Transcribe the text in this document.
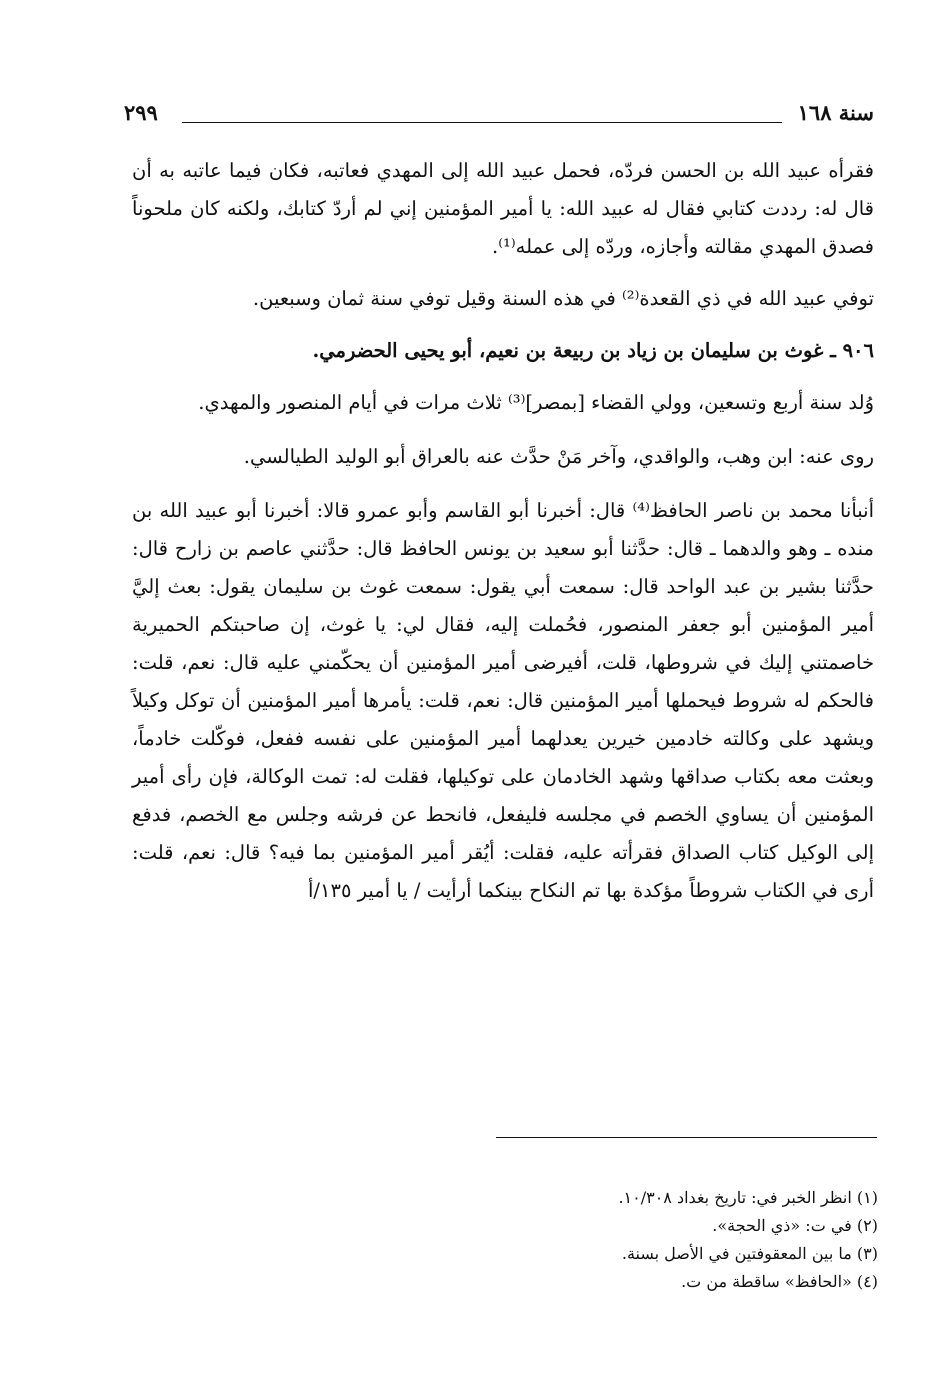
سنة ١٦٨
٢٩٩

فقرأه عبيد الله بن الحسن فردّه، فحمل عبيد الله إلى المهدي فعاتبه، فكان فيما عاتبه به أن قال له: رددت كتابي فقال له عبيد الله: يا أمير المؤمنين إني لم أردّ كتابك، ولكنه كان ملحوناً فصدق المهدي مقالته وأجازه، وردّه إلى عمله⁽¹⁾.

توفي عبيد الله في ذي القعدة⁽²⁾ في هذه السنة وقيل توفي سنة ثمان وسبعين.

٩٠٦ ـ غوث بن سليمان بن زياد بن ربيعة بن نعيم، أبو يحيى الحضرمي.

وُلد سنة أربع وتسعين، وولي القضاء [بمصر]⁽³⁾ ثلاث مرات في أيام المنصور والمهدي.

روى عنه: ابن وهب، والواقدي، وآخر مَنْ حدَّث عنه بالعراق أبو الوليد الطيالسي.

أنبأنا محمد بن ناصر الحافظ⁽⁴⁾ قال: أخبرنا أبو القاسم وأبو عمرو قالا: أخبرنا أبو عبيد الله بن منده ـ وهو والدهما ـ قال: حدَّثنا أبو سعيد بن يونس الحافظ قال: حدَّثني عاصم بن زارح قال: حدَّثنا بشير بن عبد الواحد قال: سمعت أبي يقول: سمعت غوث بن سليمان يقول: بعث إليَّ أمير المؤمنين أبو جعفر المنصور، فحُملت إليه، فقال لي: يا غوث، إن صاحبتكم الحميرية خاصمتني إليك في شروطها، قلت، أفيرضى أمير المؤمنين أن يحكّمني عليه قال: نعم، قلت: فالحكم له شروط فيحملها أمير المؤمنين قال: نعم، قلت: يأمرها أمير المؤمنين أن توكل وكيلاً ويشهد على وكالته خادمين خيرين يعدلهما أمير المؤمنين على نفسه ففعل، فوكّلت خادماً، وبعثت معه بكتاب صداقها وشهد الخادمان على توكيلها، فقلت له: تمت الوكالة، فإن رأى أمير المؤمنين أن يساوي الخصم في مجلسه فليفعل، فانحط عن فرشه وجلس مع الخصم، فدفع إلى الوكيل كتاب الصداق فقرأته عليه، فقلت: أيُقر أمير المؤمنين بما فيه؟ قال: نعم، قلت: أرى في الكتاب شروطاً مؤكدة بها تم النكاح بينكما أرأيت / يا أمير ١٣٥/أ

(١) انظر الخبر في: تاريخ بغداد ١٠/٣٠٨.
(٢) في ت: «ذي الحجة».
(٣) ما بين المعقوفتين في الأصل بسنة.
(٤) «الحافظ» ساقطة من ت.
